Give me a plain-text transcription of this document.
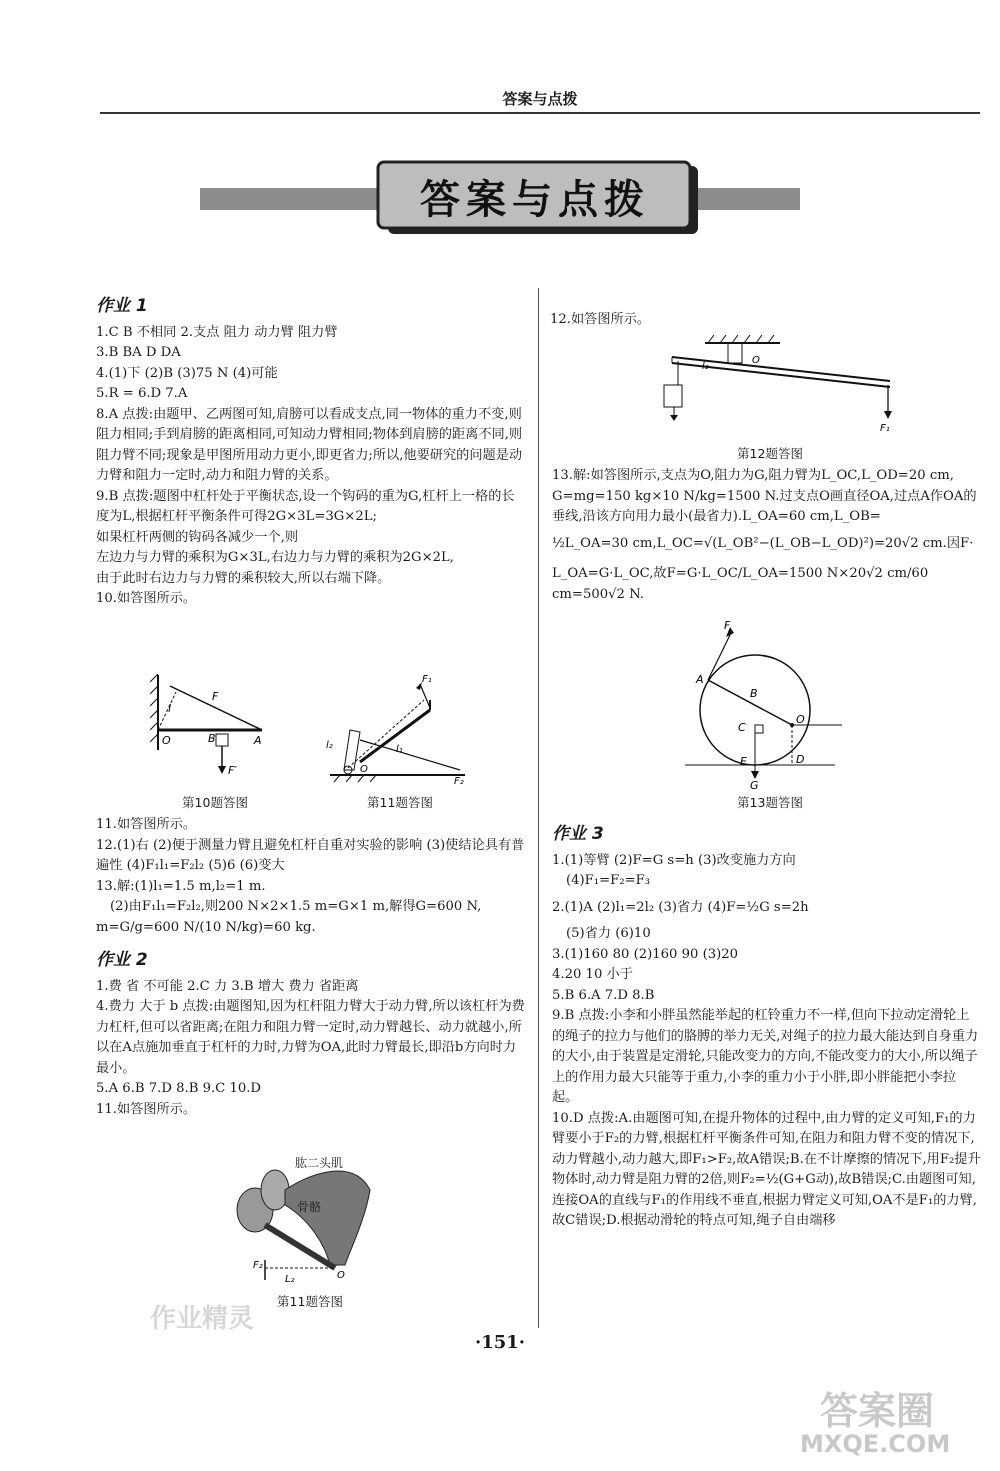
答案与点拨
答案与点拨

作业 1

1.C B 不相同 2.支点 阻力 动力臂 阻力臂

3.B BA D DA

4.(1)下 (2)B (3)75 N (4)可能

5.R = 6.D 7.A

8.A 点拨:由题甲、乙两图可知,肩膀可以看成支点,同一物体的重力不变,则阻力相同;手到肩膀的距离相同,可知动力臂相同;物体到肩膀的距离不同,则阻力臂不同;现象是甲图所用动力更小,即更省力;所以,他要研究的问题是动力臂和阻力一定时,动力和阻力臂的关系。

9.B 点拨:题图中杠杆处于平衡状态,设一个钩码的重为G,杠杆上一格的长度为L,根据杠杆平衡条件可得2G×3L=3G×2L;

如果杠杆两侧的钩码各减少一个,则

左边力与力臂的乘积为G×3L,右边力与力臂的乘积为2G×2L,

由于此时右边力与力臂的乘积较大,所以右端下降。

10.如答图所示。

F
l
O	B	A
F′
第10题答图
F₁
F₂
l₂	l₁
O
第11题答图

11.如答图所示。

12.(1)右 (2)便于测量力臂且避免杠杆自重对实验的影响 (3)使结论具有普遍性 (4)F₁l₁=F₂l₂ (5)6 (6)变大

13.解:(1)l₁=1.5 m,l₂=1 m.

(2)由F₁l₁=F₂l₂,则200 N×2×1.5 m=G×1 m,解得G=600 N,

m=G/g=600 N/(10 N/kg)=60 kg.

作业 2

1.费 省 不可能 2.C 力 3.B 增大 费力 省距离

4.费力 大于 b 点拨:由题图知,因为杠杆阻力臂大于动力臂,所以该杠杆为费力杠杆,但可以省距离;在阻力和阻力臂一定时,动力臂越长、动力就越小,所以在A点施加垂直于杠杆的力时,力臂为OA,此时力臂最长,即沿b方向时力最小。

5.A 6.B 7.D 8.B 9.C 10.D

11.如答图所示。

F₂
L₂	O
肱二头肌
骨骼
第11题答图

12.如答图所示。

O
l₂
F₁
第12题答图

13.解:如答图所示,支点为O,阻力为G,阻力臂为L_OC,L_OD=20 cm,

G=mg=150 kg×10 N/kg=1500 N.过支点O画直径OA,过点A作OA的垂线,沿该方向用力最小(最省力).L_OA=60 cm,L_OB=

½L_OA=30 cm,L_OC=√(L_OB²−(L_OB−L_OD)²)=20√2 cm.因F·

L_OA=G·L_OC,故F=G·L_OC/L_OA=1500 N×20√2 cm/60 cm=500√2 N.

F
A
B
C
O
E	D
G
第13题答图

作业 3

1.(1)等臂 (2)F=G s=h (3)改变施力方向

(4)F₁=F₂=F₃

2.(1)A (2)l₁=2l₂ (3)省力 (4)F=½G s=2h

(5)省力 (6)10

3.(1)160 80 (2)160 90 (3)20

4.20 10 小于

5.B 6.A 7.D 8.B

9.B 点拨:小李和小胖虽然能举起的杠铃重力不一样,但向下拉动定滑轮上的绳子的拉力与他们的胳膊的举力无关,对绳子的拉力最大能达到自身重力的大小,由于装置是定滑轮,只能改变力的方向,不能改变力的大小,所以绳子上的作用力最大只能等于重力,小李的重力小于小胖,即小胖能把小李拉起。

10.D 点拨:A.由题图可知,在提升物体的过程中,由力臂的定义可知,F₁的力臂要小于F₂的力臂,根据杠杆平衡条件可知,在阻力和阻力臂不变的情况下,动力臂越小,动力越大,即F₁>F₂,故A错误;B.在不计摩擦的情况下,用F₂提升物体时,动力臂是阻力臂的2倍,则F₂=½(G+G动),故B错误;C.由题图可知,连接OA的直线与F₁的作用线不垂直,根据力臂定义可知,OA不是F₁的力臂,故C错误;D.根据动滑轮的特点可知,绳子自由端移

·151·
答案圈
MXQE.COM
作业精灵
